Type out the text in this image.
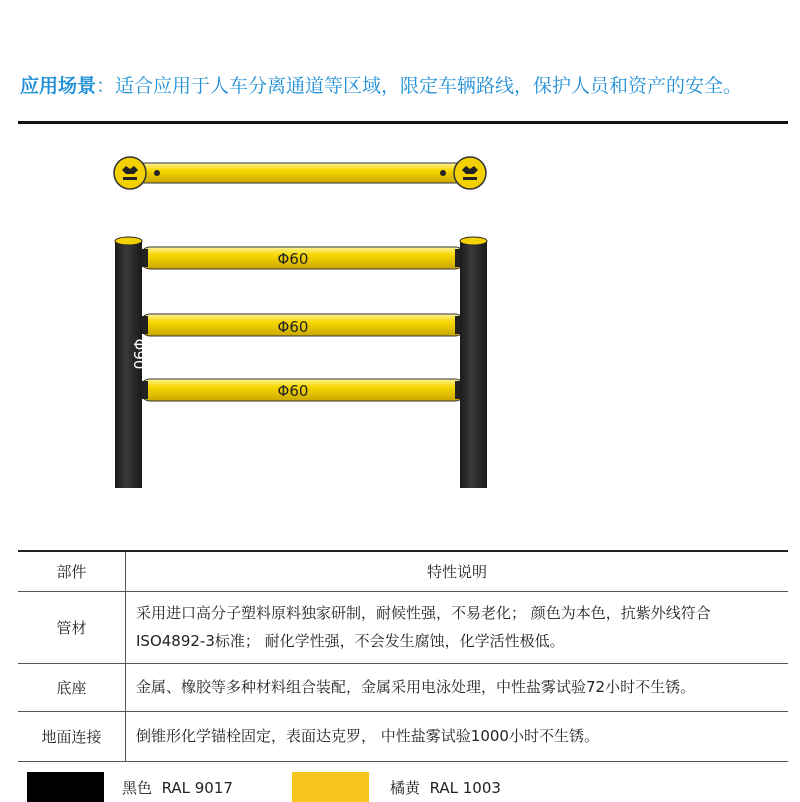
应用场景：适合应用于人车分离通道等区域，限定车辆路线，保护人员和资产的安全。
Φ60
Φ60
Φ60
Φ90
部件	特性说明
管材	采用进口高分子塑料原料独家研制，耐候性强，不易老化； 颜色为本色，抗紫外线符合
ISO4892-3标准； 耐化学性强，不会发生腐蚀，化学活性极低。

底座	金属、橡胶等多种材料组合装配，金属采用电泳处理，中性盐雾试验72小时不生锈。

地面连接	倒锥形化学锚栓固定，表面达克罗， 中性盐雾试验1000小时不生锈。
黑色 RAL 9017	橘黄 RAL 1003
